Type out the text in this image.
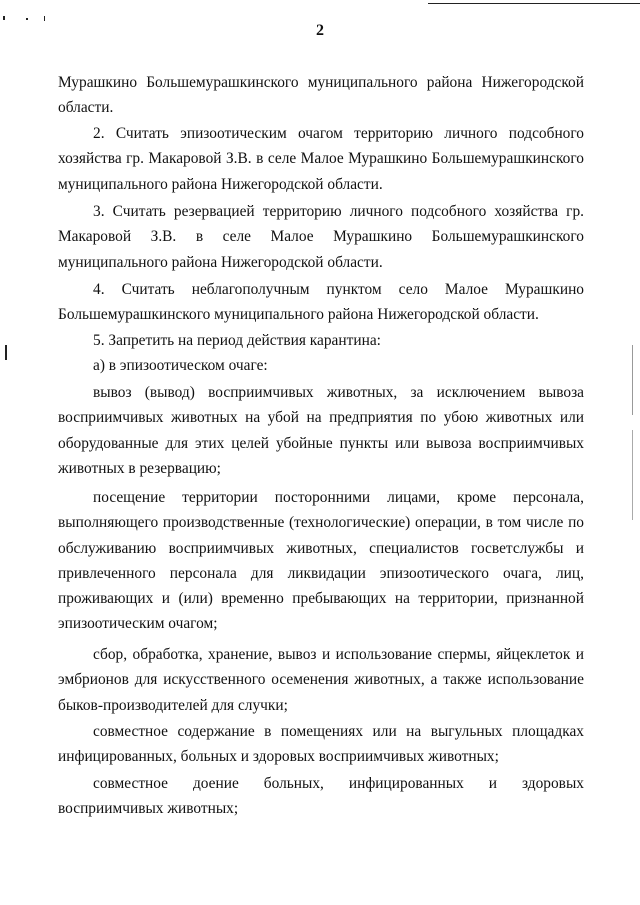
2

Мурашкино Большемурашкинского муниципального района Нижегородской области.

2. Считать эпизоотическим очагом территорию личного подсобного хозяйства гр. Макаровой З.В. в селе Малое Мурашкино Большемурашкинского муниципального района Нижегородской области.

3. Считать резервацией территорию личного подсобного хозяйства гр. Макаровой З.В. в селе Малое Мурашкино Большемурашкинского муниципального района Нижегородской области.

4. Считать неблагополучным пунктом село Малое Мурашкино Большемурашкинского муниципального района Нижегородской области.

5. Запретить на период действия карантина:

а) в эпизоотическом очаге:

вывоз (вывод) восприимчивых животных, за исключением вывоза восприимчивых животных на убой на предприятия по убою животных или оборудованные для этих целей убойные пункты или вывоза восприимчивых животных в резервацию;

посещение территории посторонними лицами, кроме персонала, выполняющего производственные (технологические) операции, в том числе по обслуживанию восприимчивых животных, специалистов госветслужбы и привлеченного персонала для ликвидации эпизоотического очага, лиц, проживающих и (или) временно пребывающих на территории, признанной эпизоотическим очагом;

сбор, обработка, хранение, вывоз и использование спермы, яйцеклеток и эмбрионов для искусственного осеменения животных, а также использование быков-производителей для случки;

совместное содержание в помещениях или на выгульных площадках инфицированных, больных и здоровых восприимчивых животных;

совместное доение больных, инфицированных и здоровых восприимчивых животных;
